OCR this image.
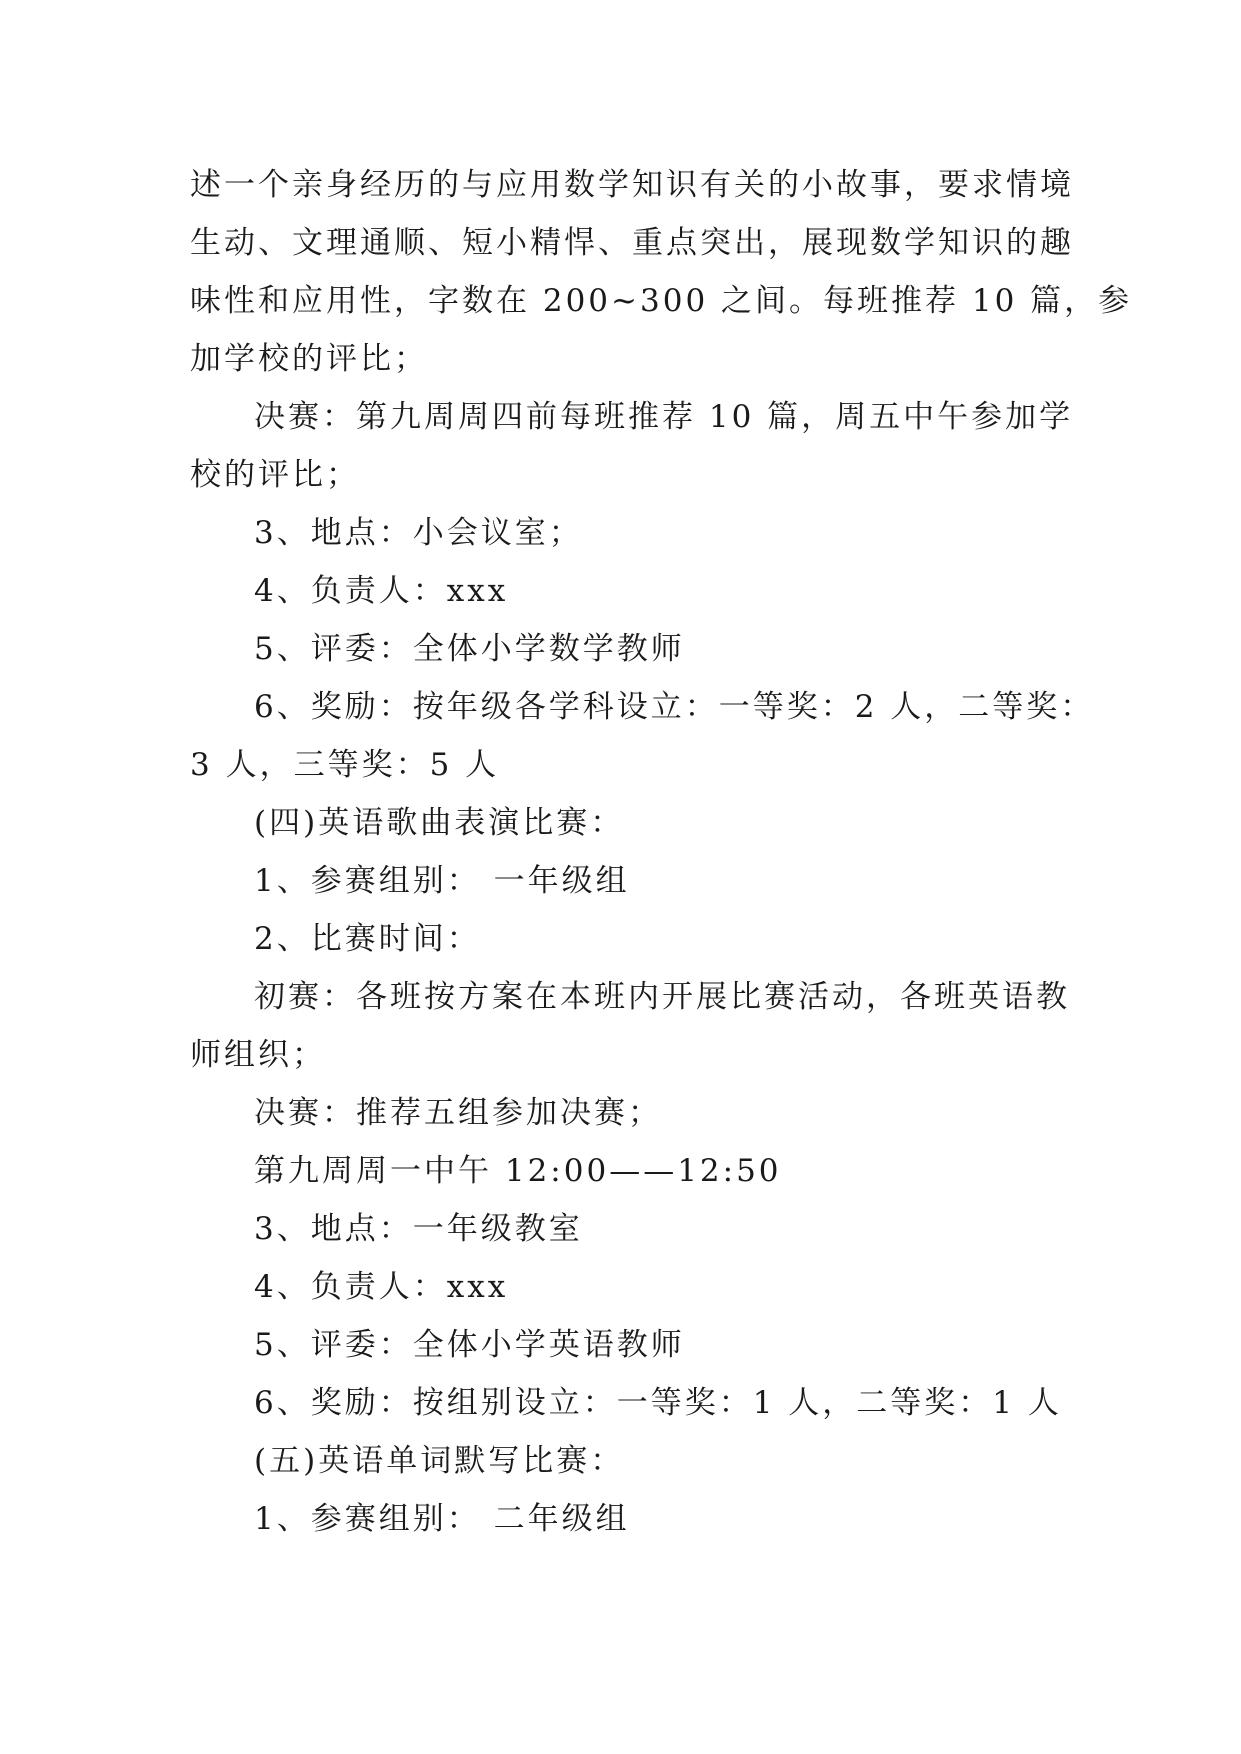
述一个亲身经历的与应用数学知识有关的小故事，要求情境
生动、文理通顺、短小精悍、重点突出，展现数学知识的趣
味性和应用性，字数在 200~300 之间。每班推荐 10 篇，参
加学校的评比；
决赛：第九周周四前每班推荐 10 篇，周五中午参加学
校的评比；
3、地点：小会议室；
4、负责人：xxx
5、评委：全体小学数学教师
6、奖励：按年级各学科设立：一等奖：2 人，二等奖：
3 人，三等奖：5 人
(四)英语歌曲表演比赛：
1、参赛组别： 一年级组
2、比赛时间：
初赛：各班按方案在本班内开展比赛活动，各班英语教
师组织；
决赛：推荐五组参加决赛；
第九周周一中午 12:00——12:50
3、地点：一年级教室
4、负责人：xxx
5、评委：全体小学英语教师
6、奖励：按组别设立：一等奖：1 人，二等奖：1 人
(五)英语单词默写比赛：
1、参赛组别： 二年级组
